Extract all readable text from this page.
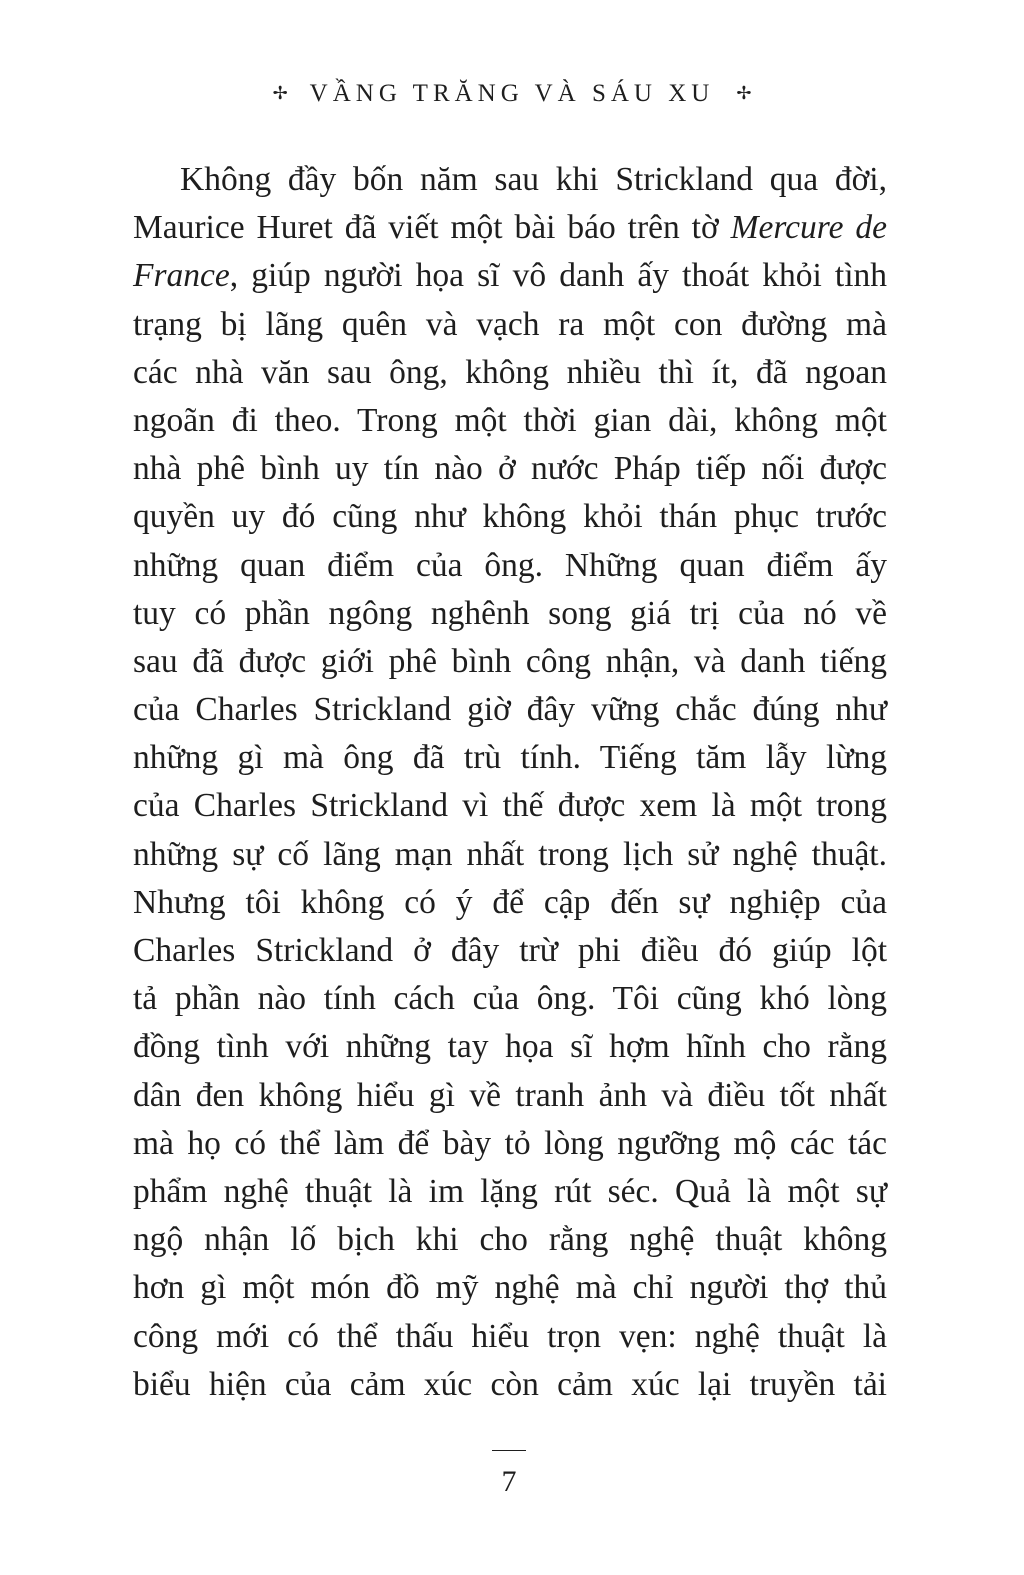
✢ VẦNG TRĂNG VÀ SÁU XU ✢
Không đầy bốn năm sau khi Strickland qua đời,
Maurice Huret đã viết một bài báo trên tờ Mercure de
France, giúp người họa sĩ vô danh ấy thoát khỏi tình
trạng bị lãng quên và vạch ra một con đường mà
các nhà văn sau ông, không nhiều thì ít, đã ngoan
ngoãn đi theo. Trong một thời gian dài, không một
nhà phê bình uy tín nào ở nước Pháp tiếp nối được
quyền uy đó cũng như không khỏi thán phục trước
những quan điểm của ông. Những quan điểm ấy
tuy có phần ngông nghênh song giá trị của nó về
sau đã được giới phê bình công nhận, và danh tiếng
của Charles Strickland giờ đây vững chắc đúng như
những gì mà ông đã trù tính. Tiếng tăm lẫy lừng
của Charles Strickland vì thế được xem là một trong
những sự cố lãng mạn nhất trong lịch sử nghệ thuật.
Nhưng tôi không có ý để cập đến sự nghiệp của
Charles Strickland ở đây trừ phi điều đó giúp lột
tả phần nào tính cách của ông. Tôi cũng khó lòng
đồng tình với những tay họa sĩ hợm hĩnh cho rằng
dân đen không hiểu gì về tranh ảnh và điều tốt nhất
mà họ có thể làm để bày tỏ lòng ngưỡng mộ các tác
phẩm nghệ thuật là im lặng rút séc. Quả là một sự
ngộ nhận lố bịch khi cho rằng nghệ thuật không
hơn gì một món đồ mỹ nghệ mà chỉ người thợ thủ
công mới có thể thấu hiểu trọn vẹn: nghệ thuật là
biểu hiện của cảm xúc còn cảm xúc lại truyền tải
7
